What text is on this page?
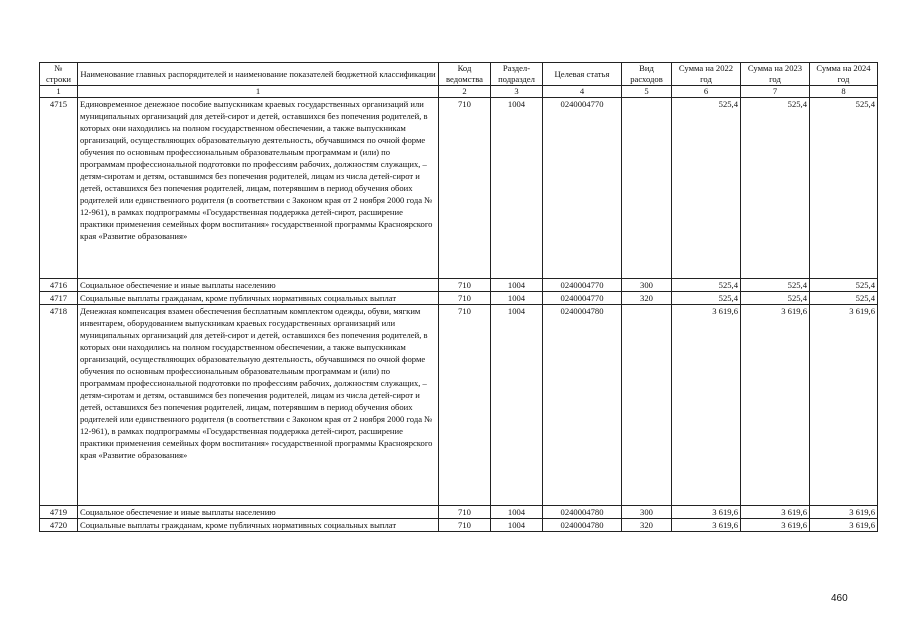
№ строки	Наименование главных распорядителей и наименование показателей бюджетной классификации	Код ведомства	Раздел-подраздел	Целевая статья	Вид расходов	Сумма на 2022 год	Сумма на 2023 год	Сумма на 2024 год
1	1	2	3	4	5	6	7	8
4715	Единовременное денежное пособие выпускникам краевых государственных организаций или муниципальных организаций для детей-сирот и детей, оставшихся без попечения родителей, в которых они находились на полном государственном обеспечении, а также выпускникам организаций, осуществляющих образовательную деятельность, обучавшимся по очной форме обучения по основным профессиональным образовательным программам и (или) по программам профессиональной подготовки по профессиям рабочих, должностям служащих, – детям-сиротам и детям, оставшимся без попечения родителей, лицам из числа детей-сирот и детей, оставшихся без попечения родителей, лицам, потерявшим в период обучения обоих родителей или единственного родителя (в соответствии с Законом края от 2 ноября 2000 года № 12-961), в рамках подпрограммы «Государственная поддержка детей-сирот, расширение практики применения семейных форм воспитания» государственной программы Красноярского края «Развитие образования»	710	1004	0240004770		525,4	525,4	525,4
4716	Социальное обеспечение и иные выплаты населению	710	1004	0240004770	300	525,4	525,4	525,4
4717	Социальные выплаты гражданам, кроме публичных нормативных социальных выплат	710	1004	0240004770	320	525,4	525,4	525,4
4718	Денежная компенсация взамен обеспечения бесплатным комплектом одежды, обуви, мягким инвентарем, оборудованием выпускникам краевых государственных организаций или муниципальных организаций для детей-сирот и детей, оставшихся без попечения родителей, в которых они находились на полном государственном обеспечении, а также выпускникам организаций, осуществляющих образовательную деятельность, обучавшимся по очной форме обучения по основным профессиональным образовательным программам и (или) по программам профессиональной подготовки по профессиям рабочих, должностям служащих, – детям-сиротам и детям, оставшимся без попечения родителей, лицам из числа детей-сирот и детей, оставшихся без попечения родителей, лицам, потерявшим в период обучения обоих родителей или единственного родителя (в соответствии с Законом края от 2 ноября 2000 года № 12-961), в рамках подпрограммы «Государственная поддержка детей-сирот, расширение практики применения семейных форм воспитания» государственной программы Красноярского края «Развитие образования»	710	1004	0240004780		3 619,6	3 619,6	3 619,6
4719	Социальное обеспечение и иные выплаты населению	710	1004	0240004780	300	3 619,6	3 619,6	3 619,6
4720	Социальные выплаты гражданам, кроме публичных нормативных социальных выплат	710	1004	0240004780	320	3 619,6	3 619,6	3 619,6
460
